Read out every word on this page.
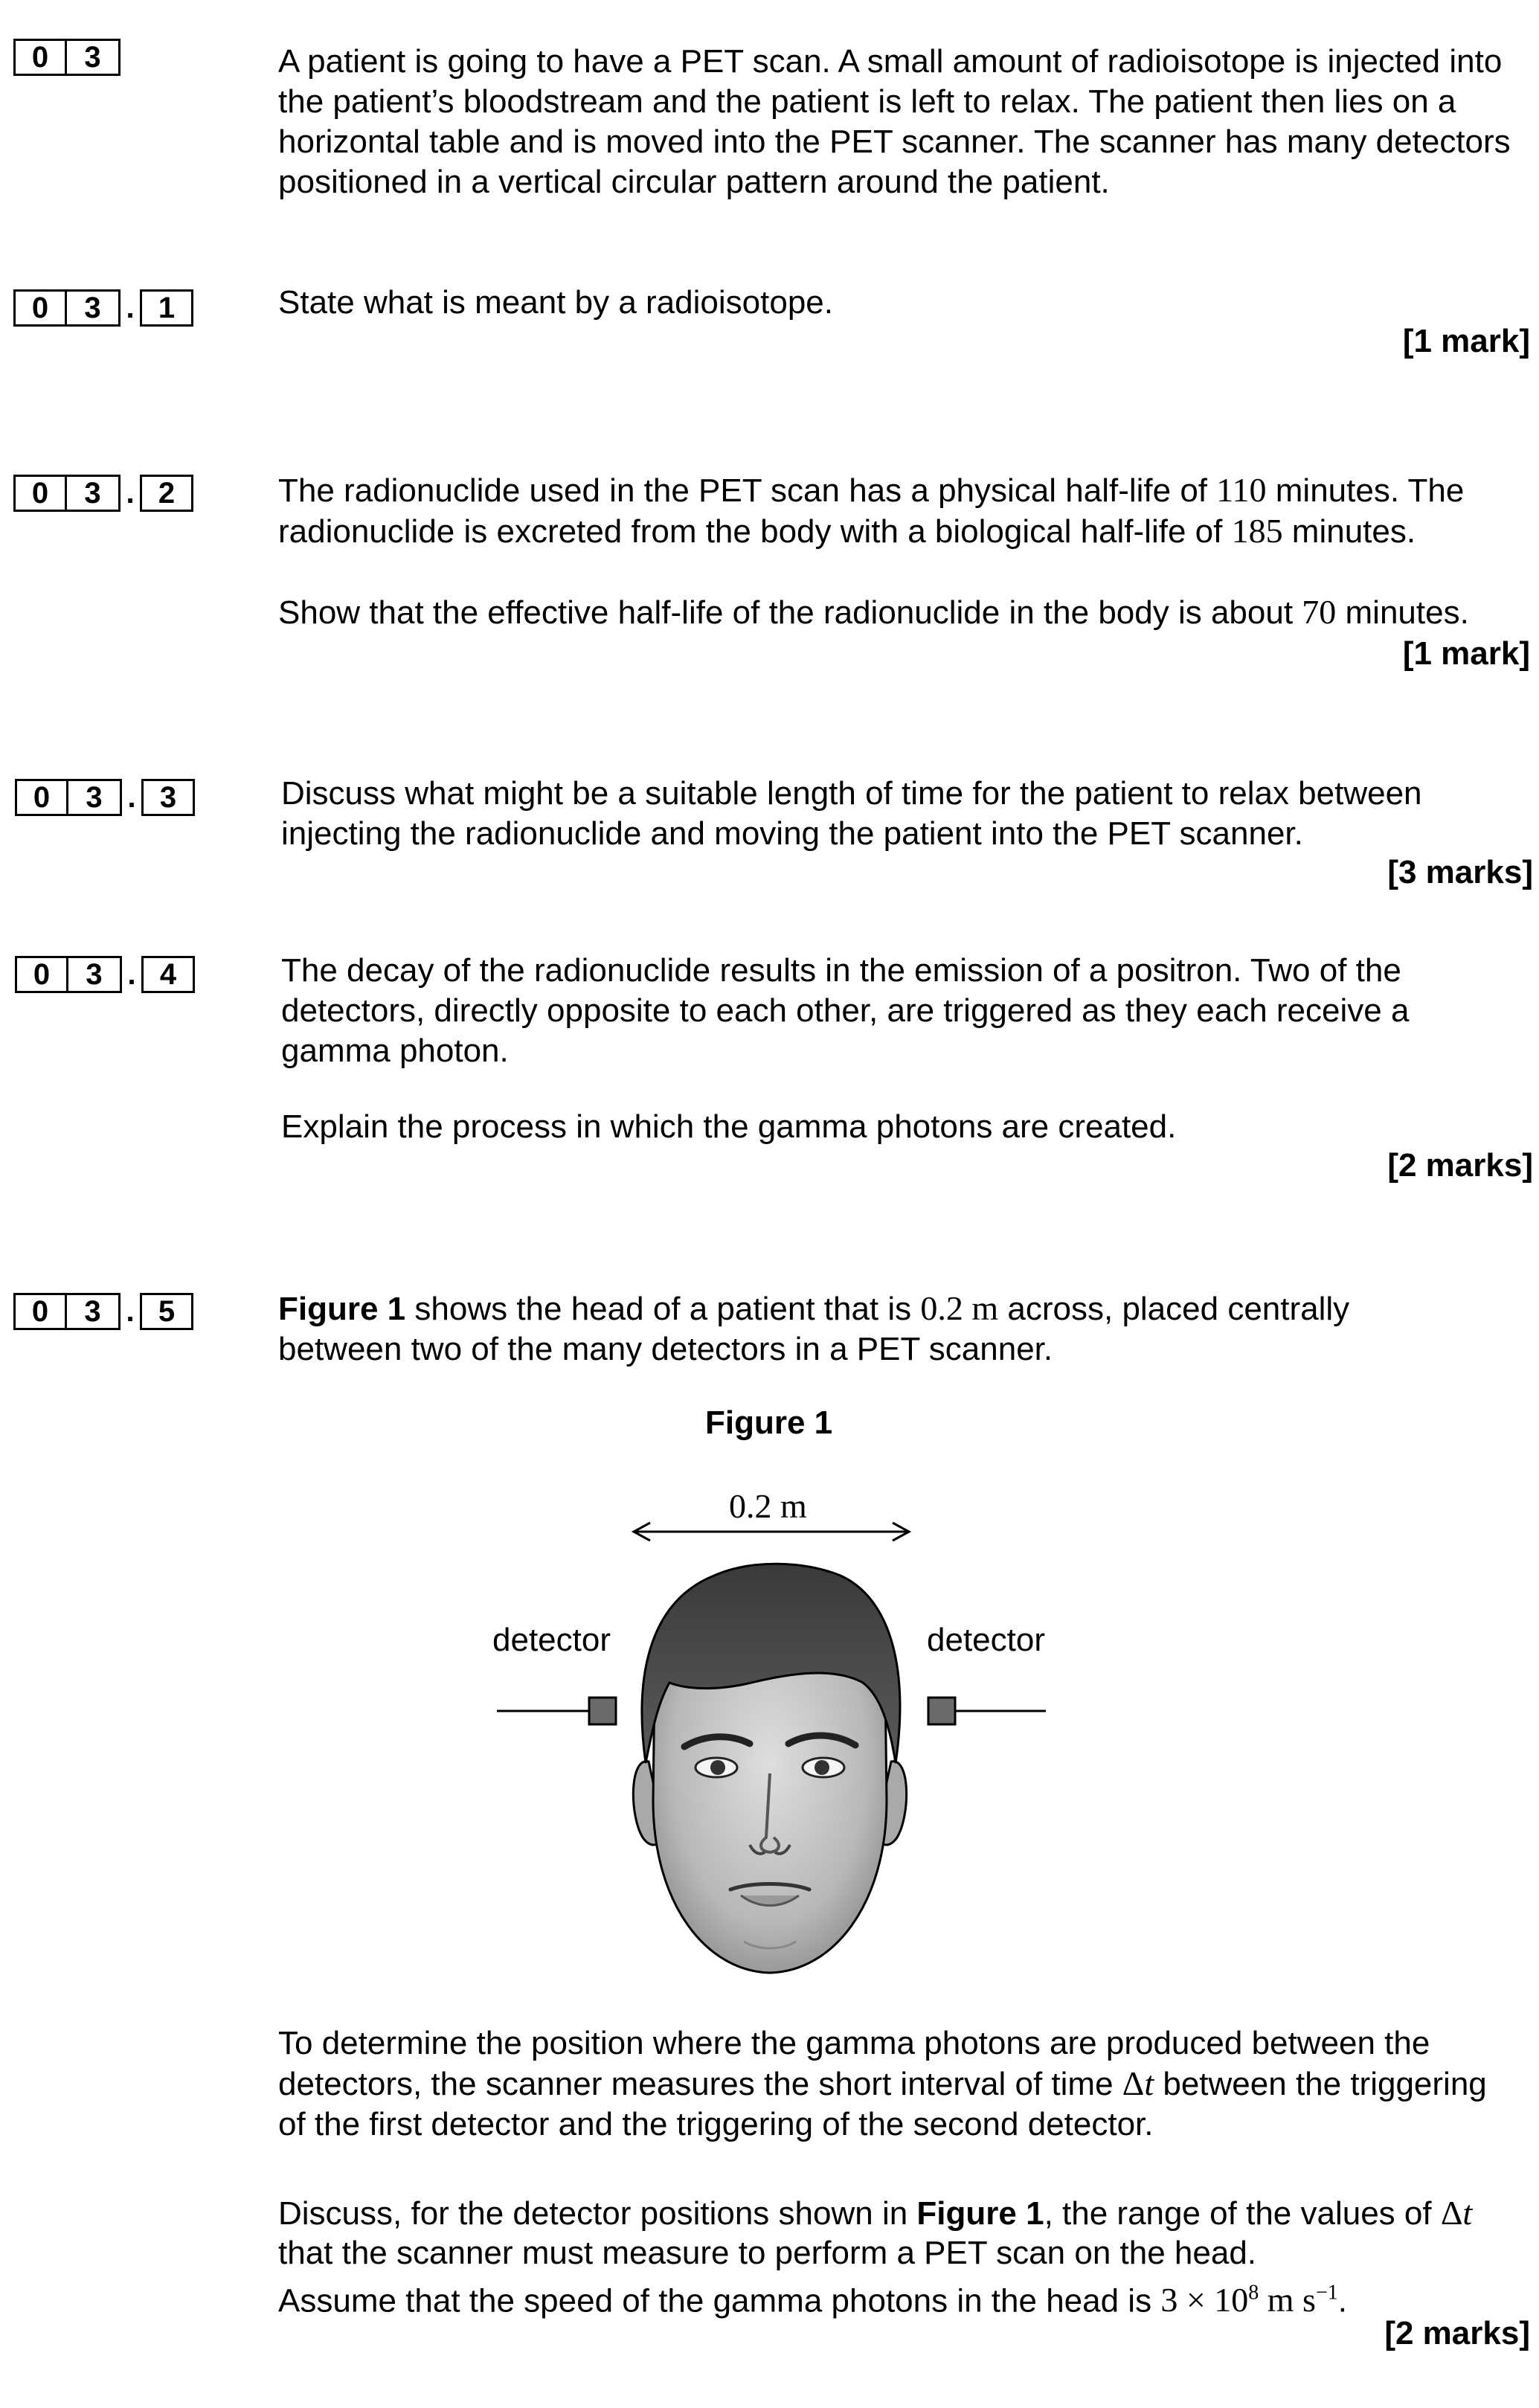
0	3	A patient is going to have a PET scan. A small amount of radioisotope is injected into the patient’s bloodstream and the patient is left to relax. The patient then lies on a horizontal table and is moved into the PET scanner. The scanner has many detectors positioned in a vertical circular pattern around the patient.
0	3 . 1	State what is meant by a radioisotope.
[1 mark]
0	3 . 2	The radionuclide used in the PET scan has a physical half-life of 110 minutes. The radionuclide is excreted from the body with a biological half-life of 185 minutes.
Show that the effective half-life of the radionuclide in the body is about 70 minutes.
[1 mark]
0	3 . 3	Discuss what might be a suitable length of time for the patient to relax between injecting the radionuclide and moving the patient into the PET scanner.
[3 marks]
0	3 . 4	The decay of the radionuclide results in the emission of a positron. Two of the detectors, directly opposite to each other, are triggered as they each receive a gamma photon.
Explain the process in which the gamma photons are created.
[2 marks]
0	3 . 5	Figure 1 shows the head of a patient that is 0.2 m across, placed centrally between two of the many detectors in a PET scanner.
Figure 1
0.2 m
detector	detector
To determine the position where the gamma photons are produced between the detectors, the scanner measures the short interval of time Δt between the triggering of the first detector and the triggering of the second detector.
Discuss, for the detector positions shown in Figure 1, the range of the values of Δt
that the scanner must measure to perform a PET scan on the head.
Assume that the speed of the gamma photons in the head is $3 \times 10^8$ m $s^{-1}$.
[2 marks]
